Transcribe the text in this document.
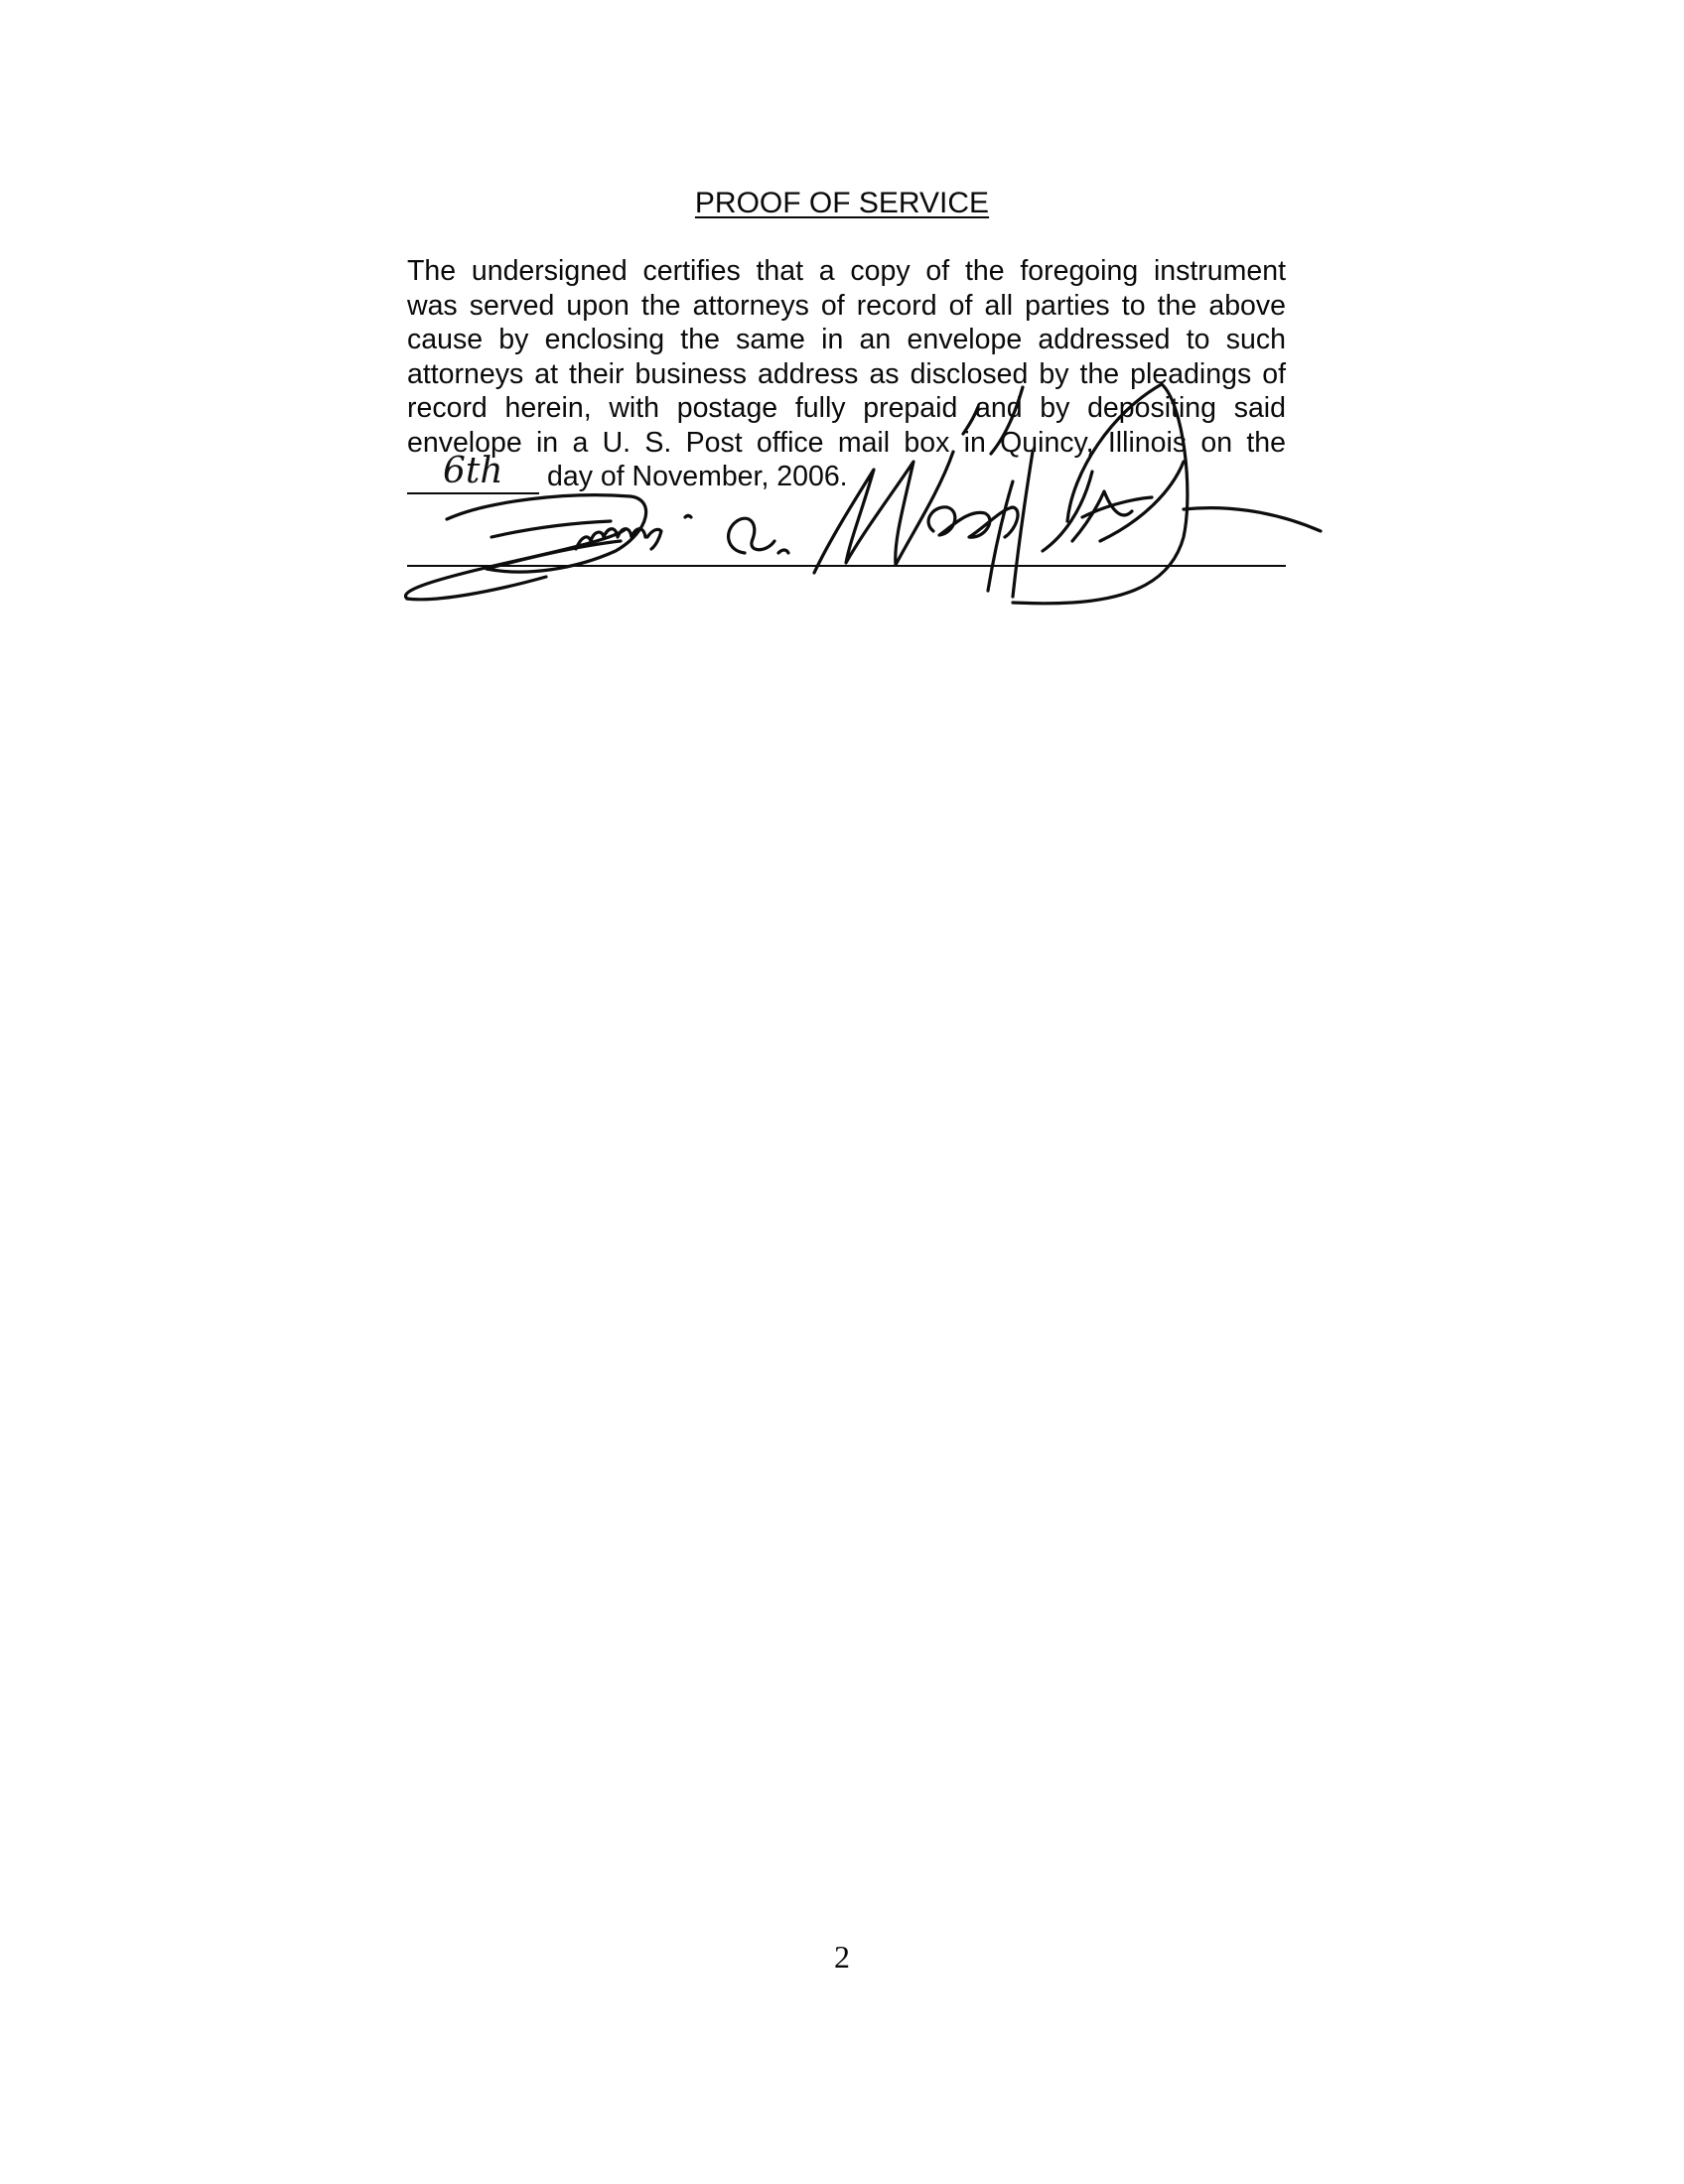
PROOF OF SERVICE
The undersigned certifies that a copy of the foregoing instrument
was served upon the attorneys of record of all parties to the above
cause by enclosing the same in an envelope addressed to such
attorneys at their business address as disclosed by the pleadings of
record herein, with postage fully prepaid and by depositing said
envelope in a U. S. Post office mail box in Quincy, Illinois on the
6th day of November, 2006.
2
